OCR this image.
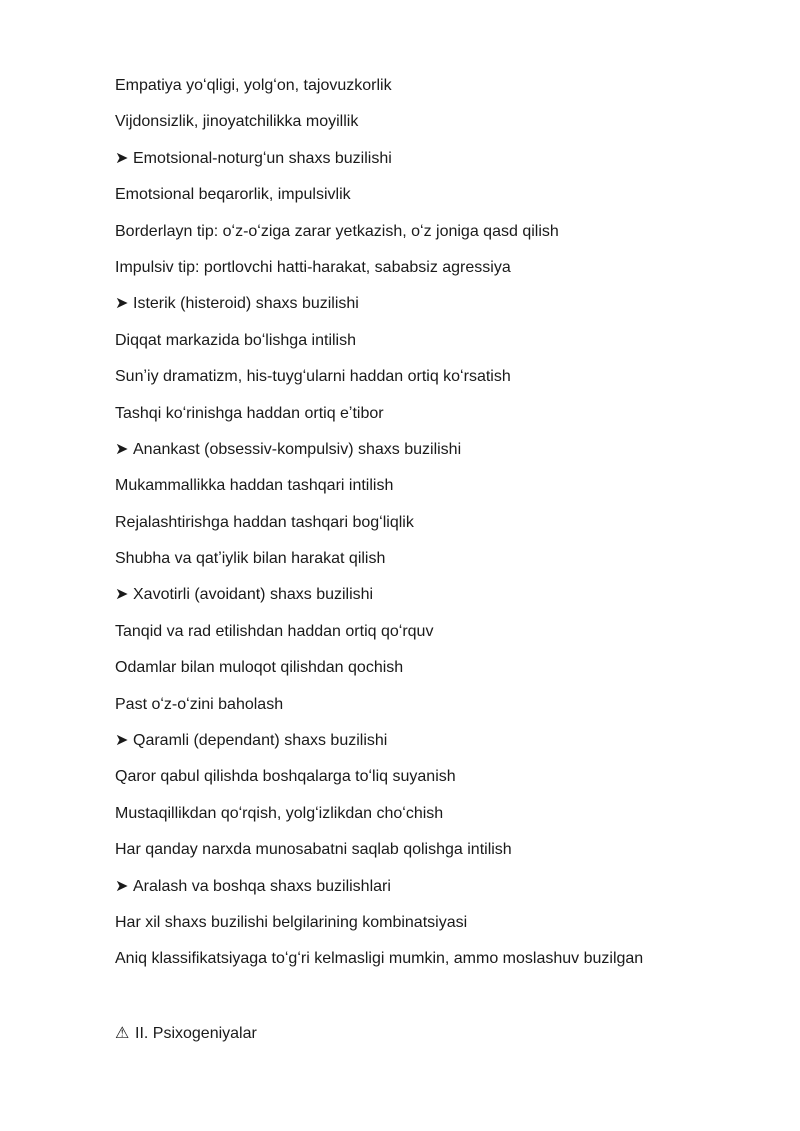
Empatiya yoʻqligi, yolgʻon, tajovuzkorlik
Vijdonsizlik, jinoyatchilikka moyillik
➤ Emotsional-noturgʻun shaxs buzilishi
Emotsional beqarorlik, impulsivlik
Borderlayn tip: oʻz-oʻziga zarar yetkazish, oʻz joniga qasd qilish
Impulsiv tip: portlovchi hatti-harakat, sababsiz agressiya
➤ Isterik (histeroid) shaxs buzilishi
Diqqat markazida boʻlishga intilish
Sunʼiy dramatizm, his-tuygʻularni haddan ortiq koʻrsatish
Tashqi koʻrinishga haddan ortiq eʼtibor
➤ Anankast (obsessiv-kompulsiv) shaxs buzilishi
Mukammallikka haddan tashqari intilish
Rejalashtirishga haddan tashqari bogʻliqlik
Shubha va qatʼiylik bilan harakat qilish
➤ Xavotirli (avoidant) shaxs buzilishi
Tanqid va rad etilishdan haddan ortiq qoʻrquv
Odamlar bilan muloqot qilishdan qochish
Past oʻz-oʻzini baholash
➤ Qaramli (dependant) shaxs buzilishi
Qaror qabul qilishda boshqalarga toʻliq suyanish
Mustaqillikdan qoʻrqish, yolgʻizlikdan choʻchish
Har qanday narxda munosabatni saqlab qolishga intilish
➤ Aralash va boshqa shaxs buzilishlari
Har xil shaxs buzilishi belgilarining kombinatsiyasi
Aniq klassifikatsiyaga toʻgʻri kelmasligi mumkin, ammo moslashuv buzilgan
⚠ II. Psixogeniyalar
